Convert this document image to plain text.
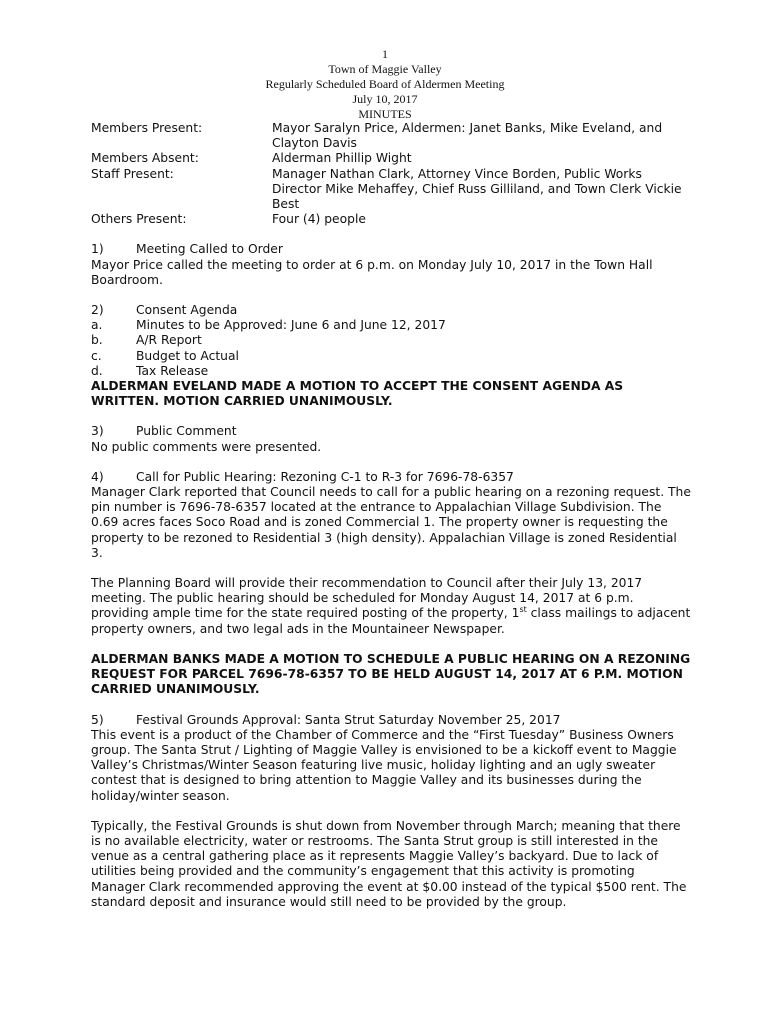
1
Town of Maggie Valley
Regularly Scheduled Board of Aldermen Meeting
July 10, 2017
MINUTES
Members Present:	Mayor Saralyn Price, Aldermen: Janet Banks, Mike Eveland, and Clayton Davis
Members Absent:	Alderman Phillip Wight
Staff Present:	Manager Nathan Clark, Attorney Vince Borden, Public Works Director Mike Mehaffey, Chief Russ Gilliland, and Town Clerk Vickie Best
Others Present:	Four (4) people
1)	Meeting Called to Order

Mayor Price called the meeting to order at 6 p.m. on Monday July 10, 2017 in the Town Hall Boardroom.

2)	Consent Agenda
a.	Minutes to be Approved: June 6 and June 12, 2017
b.	A/R Report
c.	Budget to Actual
d.	Tax Release

ALDERMAN EVELAND MADE A MOTION TO ACCEPT THE CONSENT AGENDA AS WRITTEN. MOTION CARRIED UNANIMOUSLY.

3)	Public Comment

No public comments were presented.

4)	Call for Public Hearing: Rezoning C-1 to R-3 for 7696-78-6357

Manager Clark reported that Council needs to call for a public hearing on a rezoning request. The pin number is 7696-78-6357 located at the entrance to Appalachian Village Subdivision. The 0.69 acres faces Soco Road and is zoned Commercial 1. The property owner is requesting the property to be rezoned to Residential 3 (high density). Appalachian Village is zoned Residential 3.

The Planning Board will provide their recommendation to Council after their July 13, 2017 meeting. The public hearing should be scheduled for Monday August 14, 2017 at 6 p.m. providing ample time for the state required posting of the property, 1st class mailings to adjacent property owners, and two legal ads in the Mountaineer Newspaper.

ALDERMAN BANKS MADE A MOTION TO SCHEDULE A PUBLIC HEARING ON A REZONING REQUEST FOR PARCEL 7696-78-6357 TO BE HELD AUGUST 14, 2017 AT 6 P.M. MOTION CARRIED UNANIMOUSLY.

5)	Festival Grounds Approval: Santa Strut Saturday November 25, 2017

This event is a product of the Chamber of Commerce and the “First Tuesday” Business Owners group. The Santa Strut / Lighting of Maggie Valley is envisioned to be a kickoff event to Maggie Valley’s Christmas/Winter Season featuring live music, holiday lighting and an ugly sweater contest that is designed to bring attention to Maggie Valley and its businesses during the holiday/winter season.

Typically, the Festival Grounds is shut down from November through March; meaning that there is no available electricity, water or restrooms. The Santa Strut group is still interested in the venue as a central gathering place as it represents Maggie Valley’s backyard. Due to lack of utilities being provided and the community’s engagement that this activity is promoting Manager Clark recommended approving the event at $0.00 instead of the typical $500 rent. The standard deposit and insurance would still need to be provided by the group.
